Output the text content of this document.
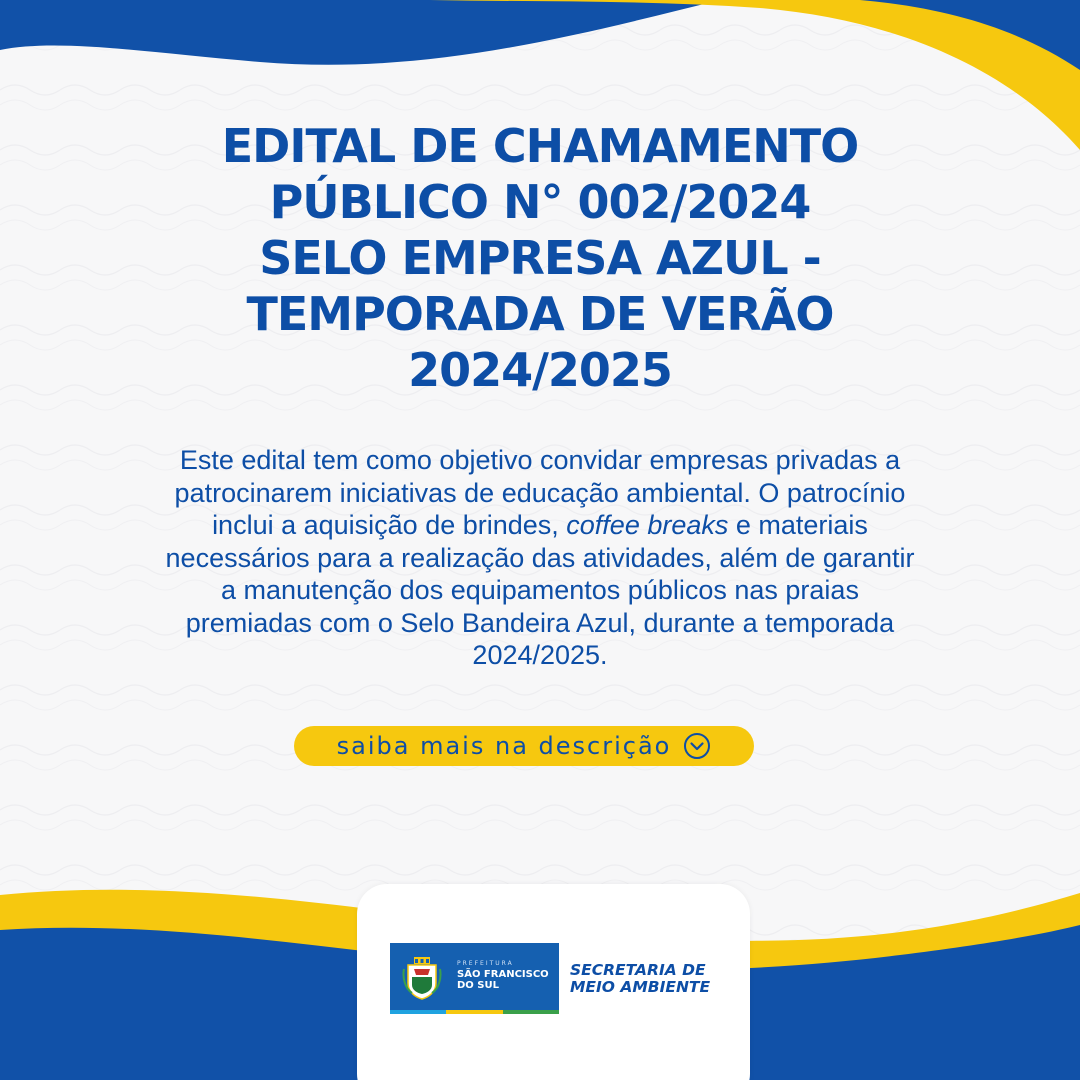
EDITAL DE CHAMAMENTO
PÚBLICO N° 002/2024
SELO EMPRESA AZUL -
TEMPORADA DE VERÃO
2024/2025
Este edital tem como objetivo convidar empresas privadas a
patrocinarem iniciativas de educação ambiental. O patrocínio
inclui a aquisição de brindes, coffee breaks e materiais
necessários para a realização das atividades, além de garantir
a manutenção dos equipamentos públicos nas praias
premiadas com o Selo Bandeira Azul, durante a temporada
2024/2025.
saiba mais na descrição
PREFEITURA
SÃO FRANCISCO
DO SUL
SECRETARIA DE
MEIO AMBIENTE
